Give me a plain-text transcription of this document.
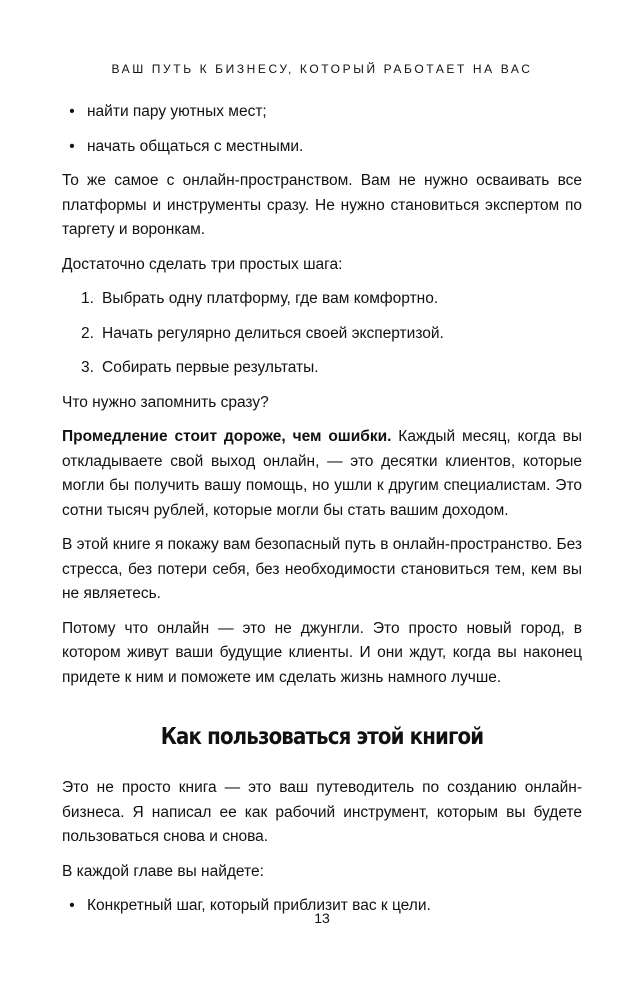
ВАШ ПУТЬ К БИЗНЕСУ, КОТОРЫЙ РАБОТАЕТ НА ВАС
• найти пару уютных мест;
• начать общаться с местными.

То же самое с онлайн-пространством. Вам не нужно осваивать все платформы и инструменты сразу. Не нужно становиться экспертом по таргету и воронкам.

Достаточно сделать три простых шага:

1. Выбрать одну платформу, где вам комфортно.
2. Начать регулярно делиться своей экспертизой.
3. Собирать первые результаты.

Что нужно запомнить сразу?

Промедление стоит дороже, чем ошибки. Каждый месяц, когда вы откладываете свой выход онлайн, — это десятки клиентов, которые могли бы получить вашу помощь, но ушли к другим специалистам. Это сотни тысяч рублей, которые могли бы стать вашим доходом.

В этой книге я покажу вам безопасный путь в онлайн-пространство. Без стресса, без потери себя, без необходимости становиться тем, кем вы не являетесь.

Потому что онлайн — это не джунгли. Это просто новый город, в котором живут ваши будущие клиенты. И они ждут, когда вы наконец придете к ним и поможете им сделать жизнь намного лучше.

Как пользоваться этой книгой

Это не просто книга — это ваш путеводитель по созданию онлайн-бизнеса. Я написал ее как рабочий инструмент, которым вы будете пользоваться снова и снова.

В каждой главе вы найдете:

• Конкретный шаг, который приблизит вас к цели.
13
